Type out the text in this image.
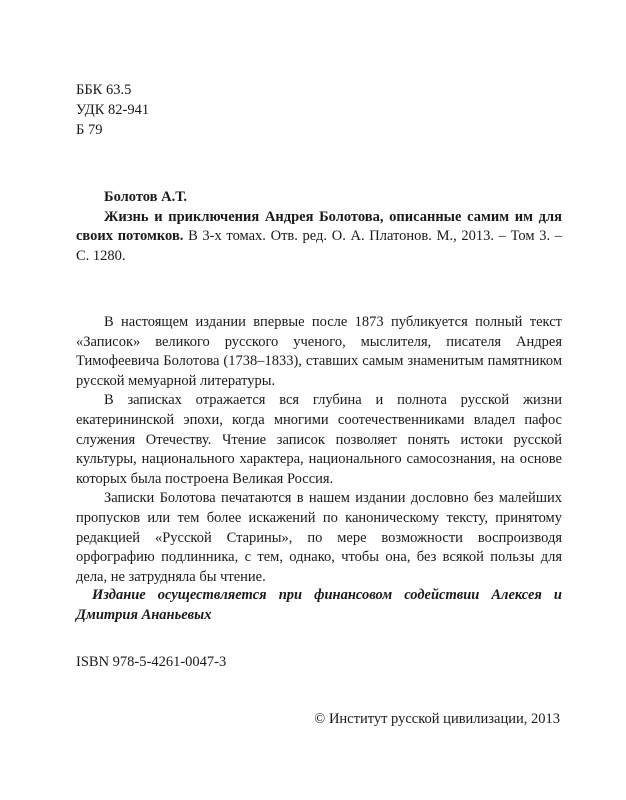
ББК 63.5
УДК 82-941
Б 79
Болотов А.Т.

Жизнь и приключения Андрея Болотова, описанные самим им для своих потомков. В 3-х томах. Отв. ред. О. А. Платонов. М., 2013. – Том 3. – С. 1280.

В настоящем издании впервые после 1873 публикуется полный текст «Записок» великого русского ученого, мыслителя, писателя Андрея Тимофеевича Болотова (1738–1833), ставших самым знаменитым памятником русской мемуарной литературы.

В записках отражается вся глубина и полнота русской жизни екатерининской эпохи, когда многими соотечественниками владел пафос служения Отечеству. Чтение записок позволяет понять истоки русской культуры, национального характера, национального самосознания, на основе которых была построена Великая Россия.

Записки Болотова печатаются в нашем издании дословно без малейших пропусков или тем более искажений по каноническому тексту, принятому редакцией «Русской Старины», по мере возможности воспроизводя орфографию подлинника, с тем, однако, чтобы она, без всякой пользы для дела, не затрудняла бы чтение.

Издание осуществляется при финансовом содействии Алексея и Дмитрия Ананьевых

ISBN 978-5-4261-0047-3
© Институт русской цивилизации, 2013
